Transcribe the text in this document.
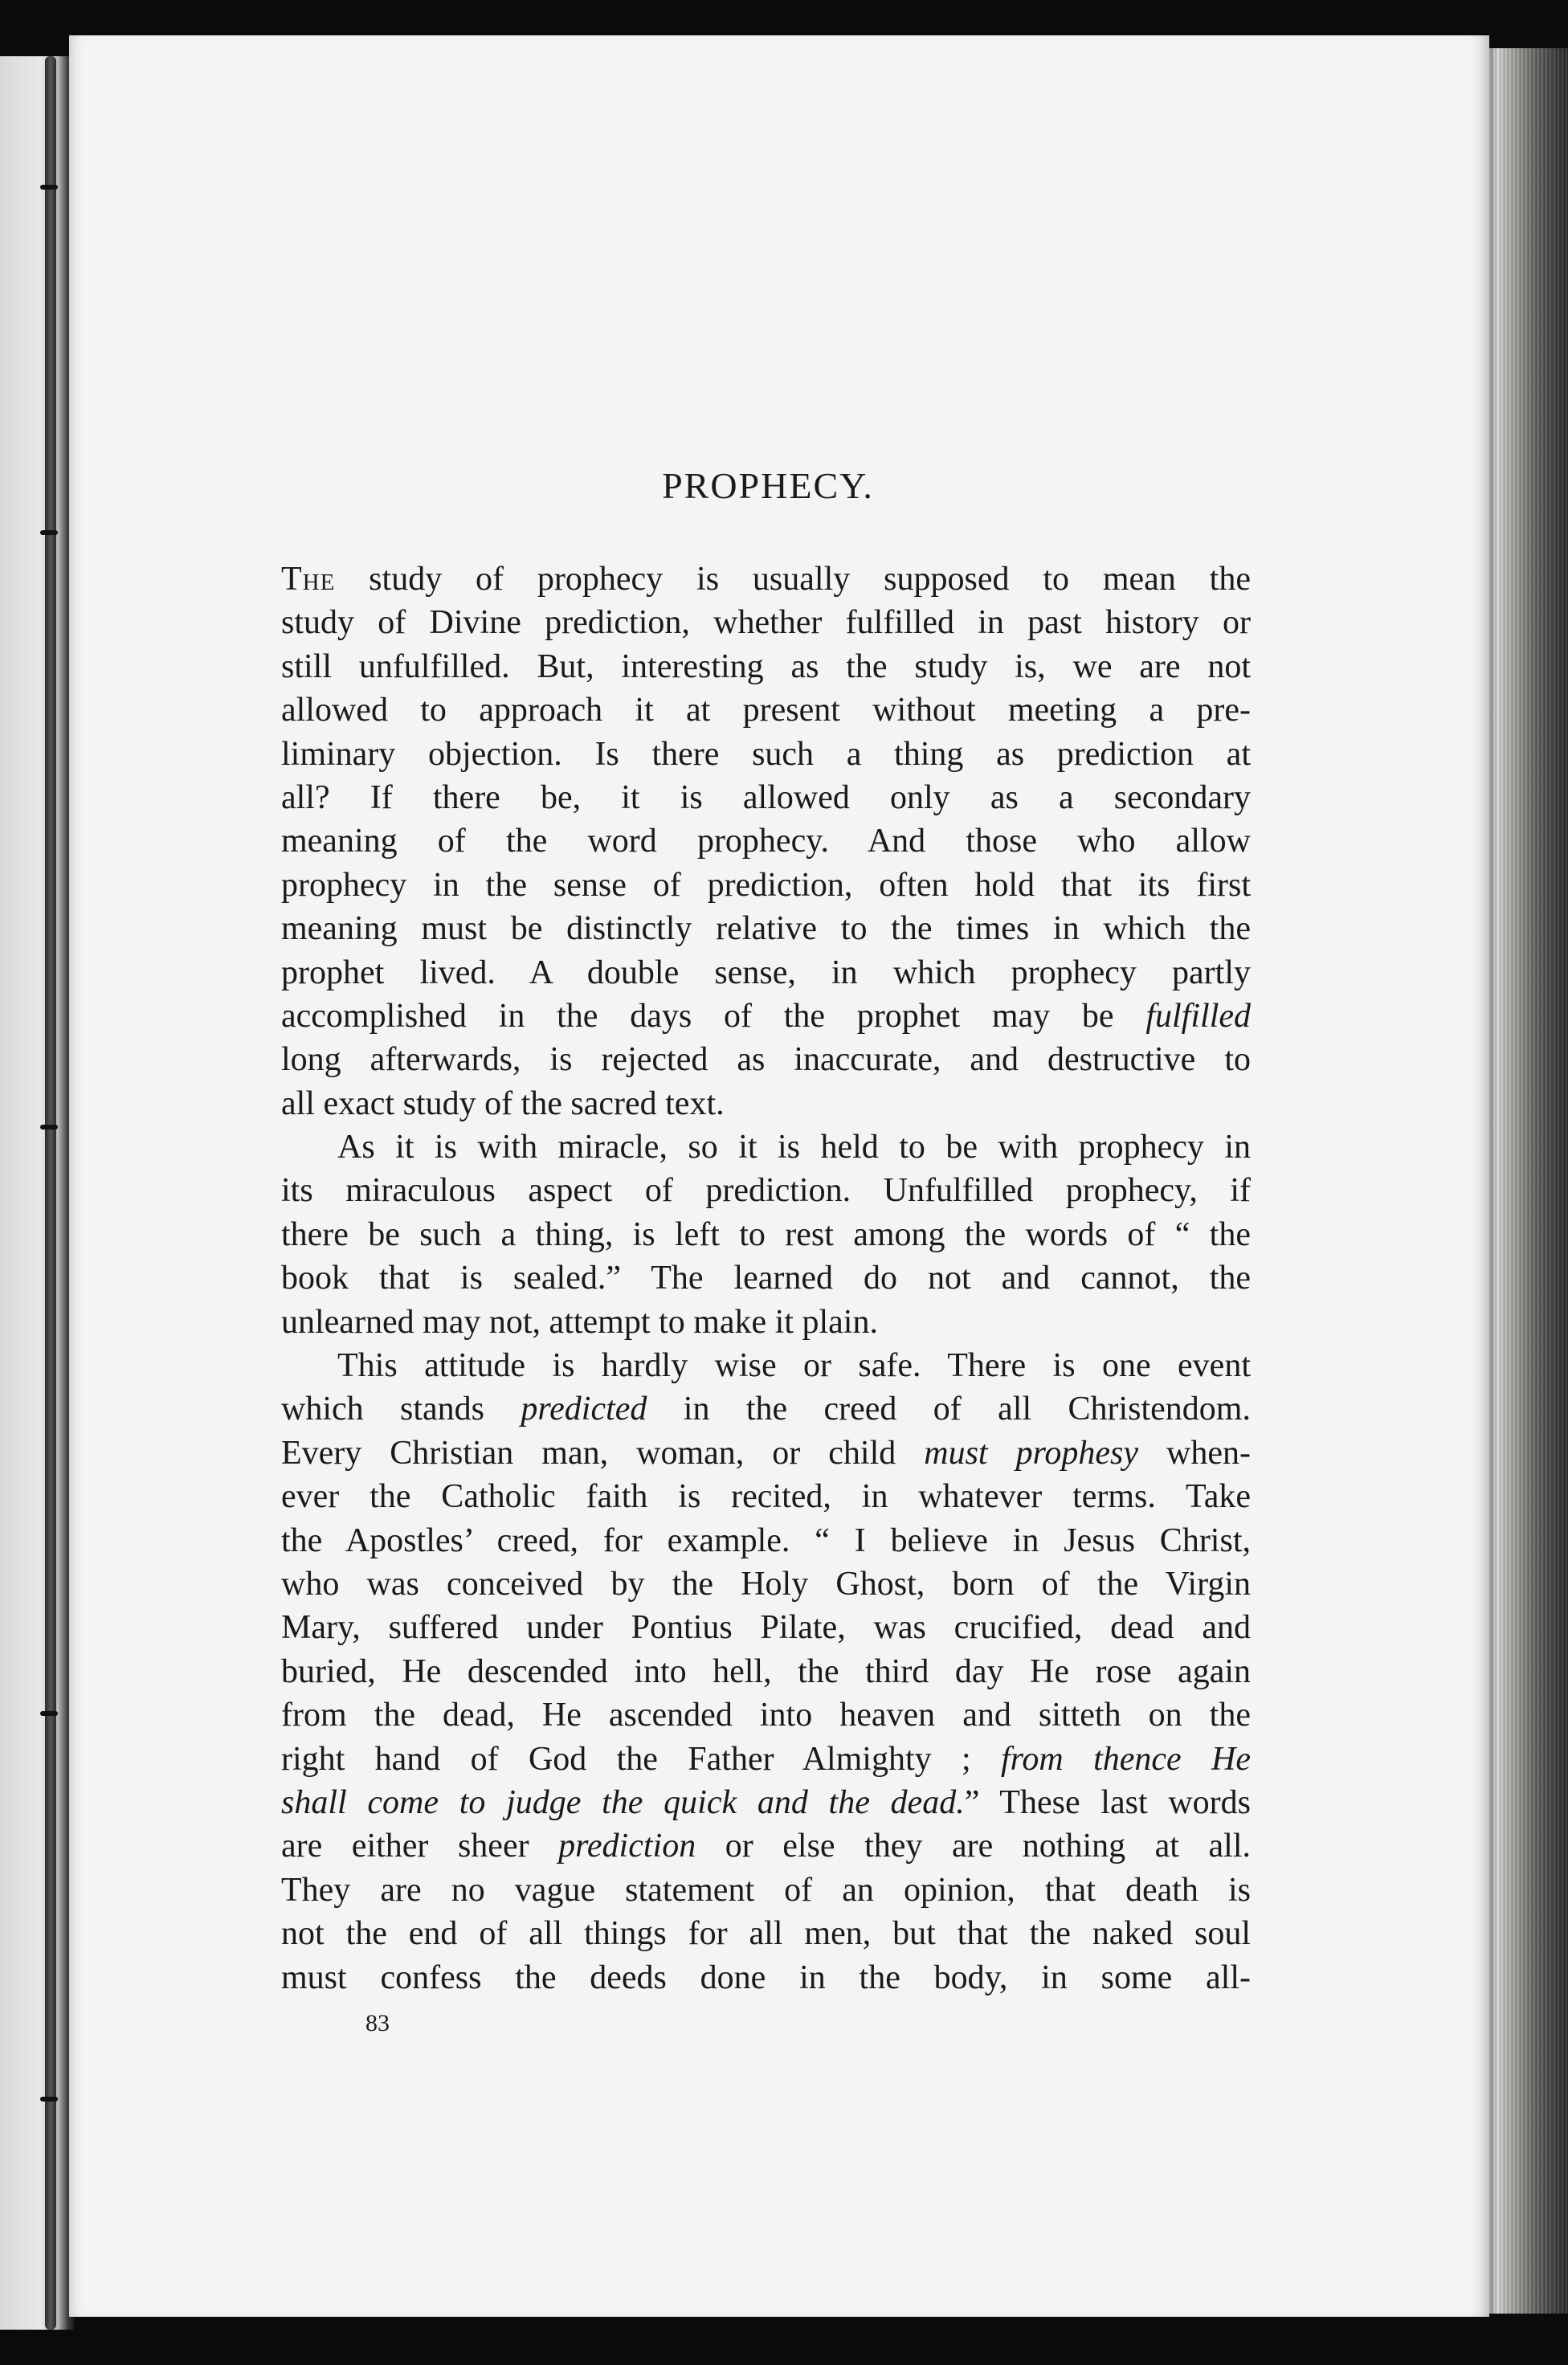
PROPHECY.
The study of prophecy is usually supposed to mean the
study of Divine prediction, whether fulfilled in past history or
still unfulfilled. But, interesting as the study is, we are not
allowed to approach it at present without meeting a pre-
liminary objection. Is there such a thing as prediction at
all? If there be, it is allowed only as a secondary
meaning of the word prophecy. And those who allow
prophecy in the sense of prediction, often hold that its first
meaning must be distinctly relative to the times in which the
prophet lived. A double sense, in which prophecy partly
accomplished in the days of the prophet may be fulfilled
long afterwards, is rejected as inaccurate, and destructive to
all exact study of the sacred text.
As it is with miracle, so it is held to be with prophecy in
its miraculous aspect of prediction. Unfulfilled prophecy, if
there be such a thing, is left to rest among the words of “ the
book that is sealed.” The learned do not and cannot, the
unlearned may not, attempt to make it plain.
This attitude is hardly wise or safe. There is one event
which stands predicted in the creed of all Christendom.
Every Christian man, woman, or child must prophesy when-
ever the Catholic faith is recited, in whatever terms. Take
the Apostles’ creed, for example. “ I believe in Jesus Christ,
who was conceived by the Holy Ghost, born of the Virgin
Mary, suffered under Pontius Pilate, was crucified, dead and
buried, He descended into hell, the third day He rose again
from the dead, He ascended into heaven and sitteth on the
right hand of God the Father Almighty ; from thence He
shall come to judge the quick and the dead.” These last words
are either sheer prediction or else they are nothing at all.
They are no vague statement of an opinion, that death is
not the end of all things for all men, but that the naked soul
must confess the deeds done in the body, in some all-
83
